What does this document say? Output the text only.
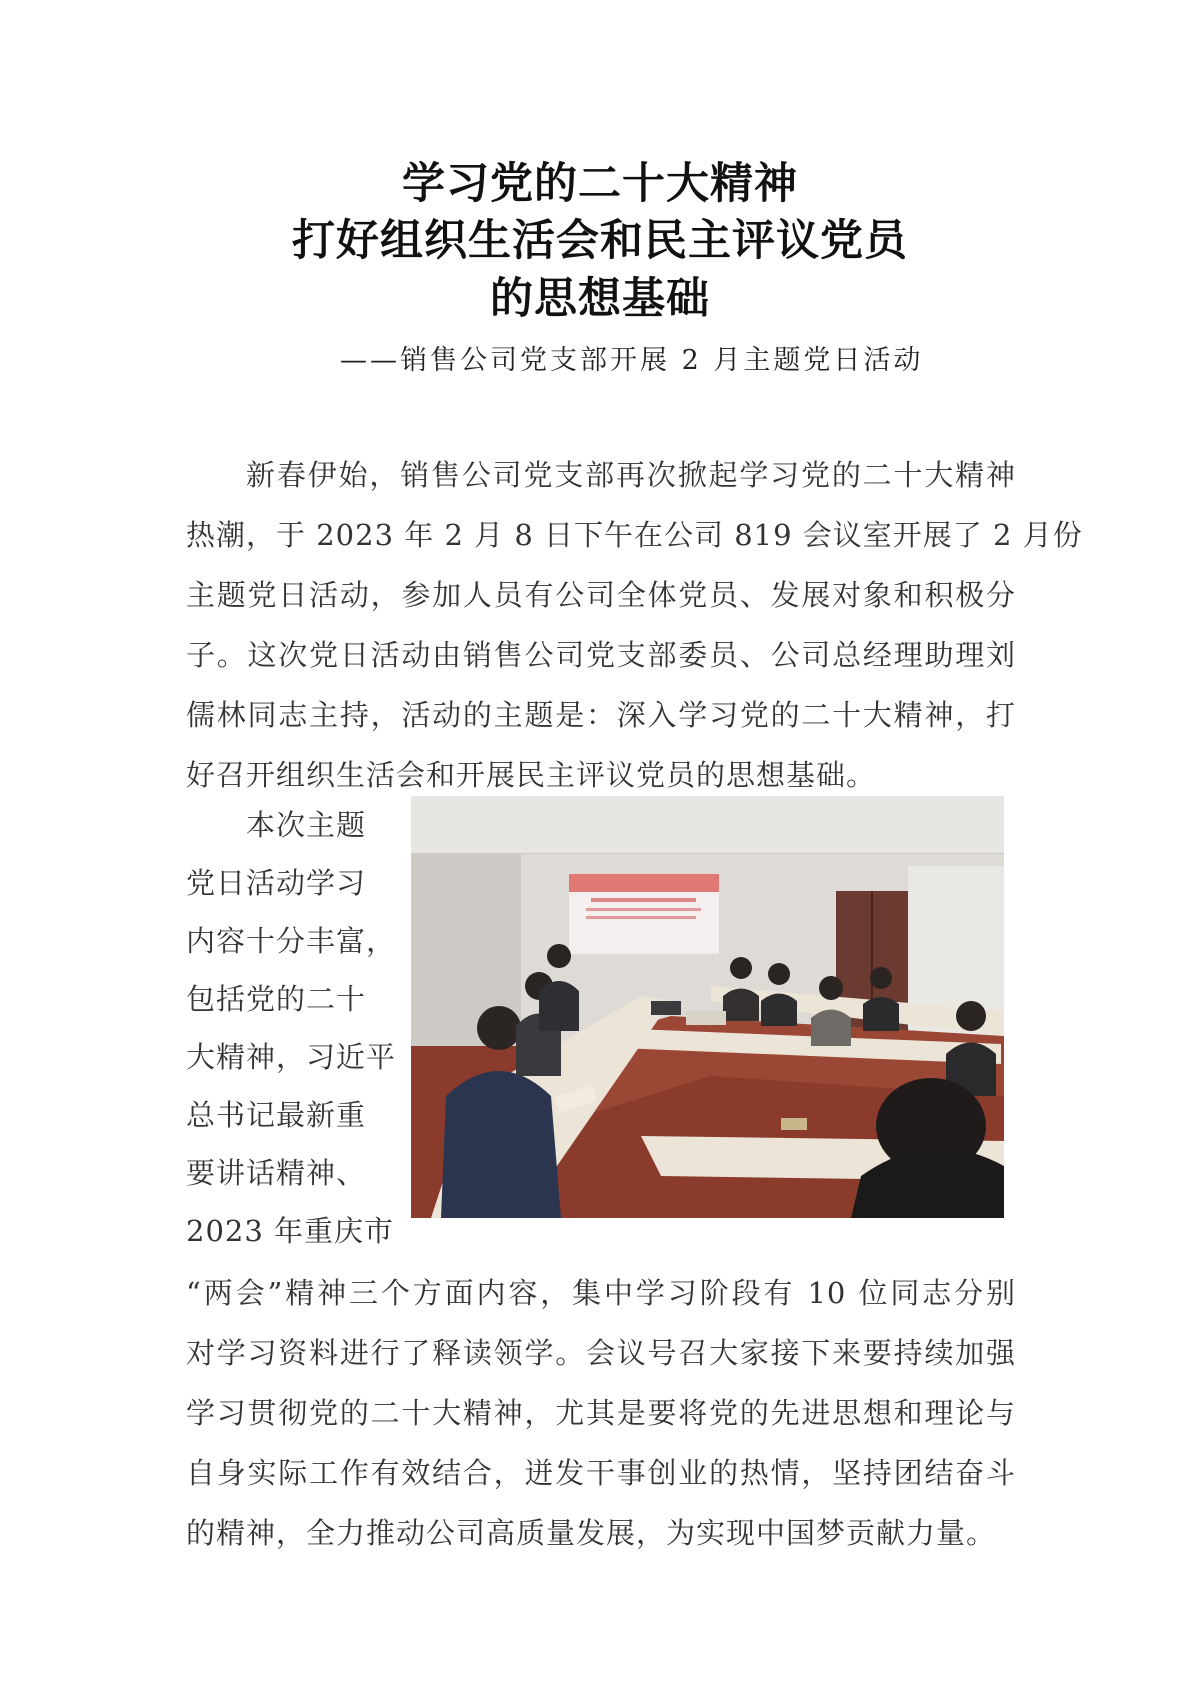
学习党的二十大精神
打好组织生活会和民主评议党员
的思想基础
——销售公司党支部开展 2 月主题党日活动
新春伊始，销售公司党支部再次掀起学习党的二十大精神
热潮，于 2023 年 2 月 8 日下午在公司 819 会议室开展了 2 月份
主题党日活动，参加人员有公司全体党员、发展对象和积极分
子。这次党日活动由销售公司党支部委员、公司总经理助理刘
儒林同志主持，活动的主题是：深入学习党的二十大精神，打
好召开组织生活会和开展民主评议党员的思想基础。
本次主题
党日活动学习
内容十分丰富，
包括党的二十
大精神，习近平
总书记最新重
要讲话精神、
2023 年重庆市
“两会”精神三个方面内容，集中学习阶段有 10 位同志分别
对学习资料进行了释读领学。会议号召大家接下来要持续加强
学习贯彻党的二十大精神，尤其是要将党的先进思想和理论与
自身实际工作有效结合，迸发干事创业的热情，坚持团结奋斗
的精神，全力推动公司高质量发展，为实现中国梦贡献力量。
